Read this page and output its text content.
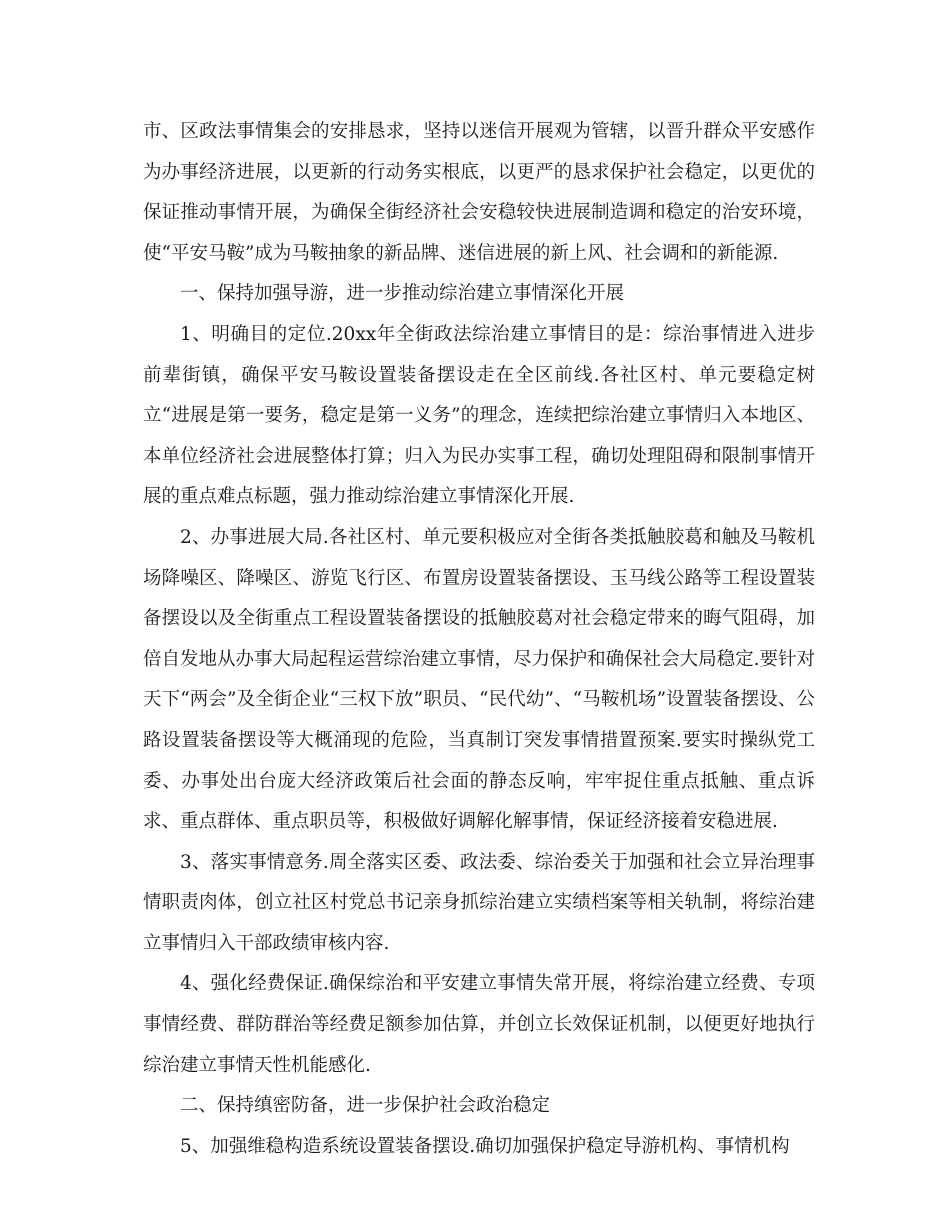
市、区政法事情集会的安排恳求，坚持以迷信开展观为管辖，以晋升群众平安感作为办事经济进展，以更新的行动务实根底，以更严的恳求保护社会稳定，以更优的保证推动事情开展，为确保全街经济社会安稳较快进展制造调和稳定的治安环境，使“平安马鞍”成为马鞍抽象的新品牌、迷信进展的新上风、社会调和的新能源.

一、保持加强导游，进一步推动综治建立事情深化开展

1、明确目的定位.20xx年全街政法综治建立事情目的是：综治事情进入进步前辈街镇，确保平安马鞍设置装备摆设走在全区前线.各社区村、单元要稳定树立“进展是第一要务，稳定是第一义务”的理念，连续把综治建立事情归入本地区、本单位经济社会进展整体打算；归入为民办实事工程，确切处理阻碍和限制事情开展的重点难点标题，强力推动综治建立事情深化开展.

2、办事进展大局.各社区村、单元要积极应对全街各类抵触胶葛和触及马鞍机场降噪区、降噪区、游览飞行区、布置房设置装备摆设、玉马线公路等工程设置装备摆设以及全街重点工程设置装备摆设的抵触胶葛对社会稳定带来的晦气阻碍，加倍自发地从办事大局起程运营综治建立事情，尽力保护和确保社会大局稳定.要针对天下“两会”及全街企业“三权下放”职员、“民代幼”、“马鞍机场”设置装备摆设、公路设置装备摆设等大概涌现的危险，当真制订突发事情措置预案.要实时操纵党工委、办事处出台庞大经济政策后社会面的静态反响，牢牢捉住重点抵触、重点诉求、重点群体、重点职员等，积极做好调解化解事情，保证经济接着安稳进展.

3、落实事情意务.周全落实区委、政法委、综治委关于加强和社会立异治理事情职责肉体，创立社区村党总书记亲身抓综治建立实绩档案等相关轨制，将综治建立事情归入干部政绩审核内容.

4、强化经费保证.确保综治和平安建立事情失常开展，将综治建立经费、专项事情经费、群防群治等经费足额参加估算，并创立长效保证机制，以便更好地执行综治建立事情天性机能感化.

二、保持缜密防备，进一步保护社会政治稳定

5、加强维稳构造系统设置装备摆设.确切加强保护稳定导游机构、事情机构
